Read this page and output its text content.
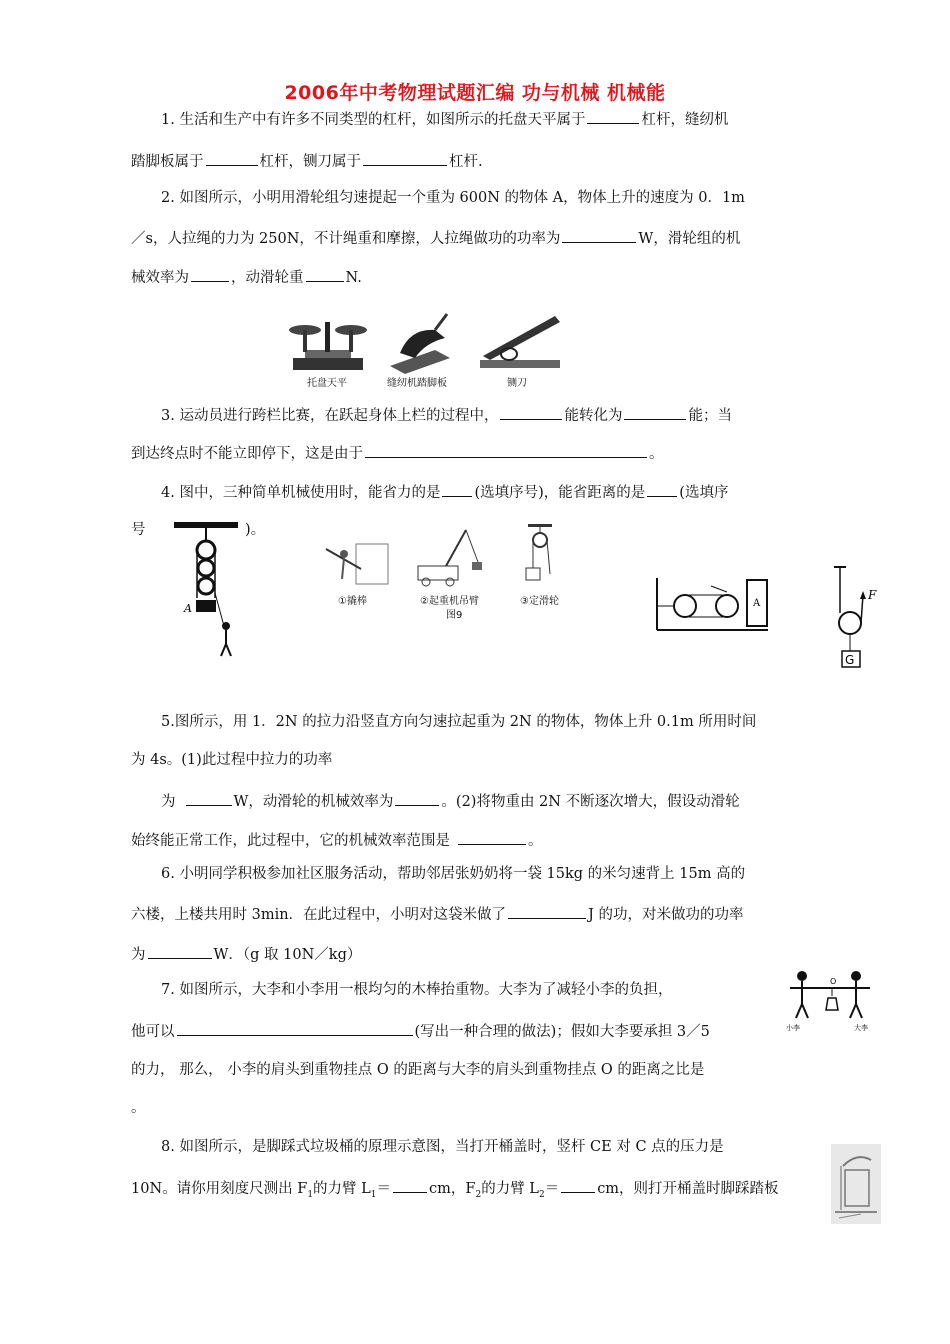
2006年中考物理试题汇编 功与机械 机械能
1. 生活和生产中有许多不同类型的杠杆，如图所示的托盘天平属于	杠杆，缝纫机
踏脚板属于	杠杆，铡刀属于	杠杆.
2. 如图所示，小明用滑轮组匀速提起一个重为 600N 的物体 A，物体上升的速度为 0．1m
／s，人拉绳的力为 250N，不计绳重和摩擦，人拉绳做功的功率为	W，滑轮组的机
械效率为	，动滑轮重	N.
托盘天平	缝纫机踏脚板	铡刀
3. 运动员进行跨栏比赛，在跃起身体上栏的过程中，	能转化为	能；当
到达终点时不能立即停下，这是由于	。
4. 图中，三种简单机械使用时，能省力的是 (选填序号)，能省距离的是 (选填序
号	)。
A
①撬棒	②起重机吊臂	③定滑轮
图9
A
F
G
5.图所示，用 1．2N 的拉力沿竖直方向匀速拉起重为 2N 的物体，物体上升 0.1m 所用时间
为 4s。(1)此过程中拉力的功率
为	W，动滑轮的机械效率为	。(2)将物重由 2N 不断逐次增大，假设动滑轮
始终能正常工作，此过程中，它的机械效率范围是	。
6. 小明同学积极参加社区服务活动，帮助邻居张奶奶将一袋 15kg 的米匀速背上 15m 高的
六楼，上楼共用时 3min．在此过程中，小明对这袋米做了	J 的功，对米做功的功率
为	W．（g 取 10N／kg）
7. 如图所示，大李和小李用一根均匀的木棒抬重物。大李为了减轻小李的负担，
他可以	(写出一种合理的做法)；假如大李要承担 3／5
的力， 那么， 小李的肩头到重物挂点 O 的距离与大李的肩头到重物挂点 O 的距离之比是
。
O
小李	大李
8. 如图所示，是脚踩式垃圾桶的原理示意图，当打开桶盖时，竖杆 CE 对 C 点的压力是
10N。请你用刻度尺测出 $F_1$的力臂 $L_1=$	cm，$F_2$的力臂 $L_2=$	cm，则打开桶盖时脚踩踏板
